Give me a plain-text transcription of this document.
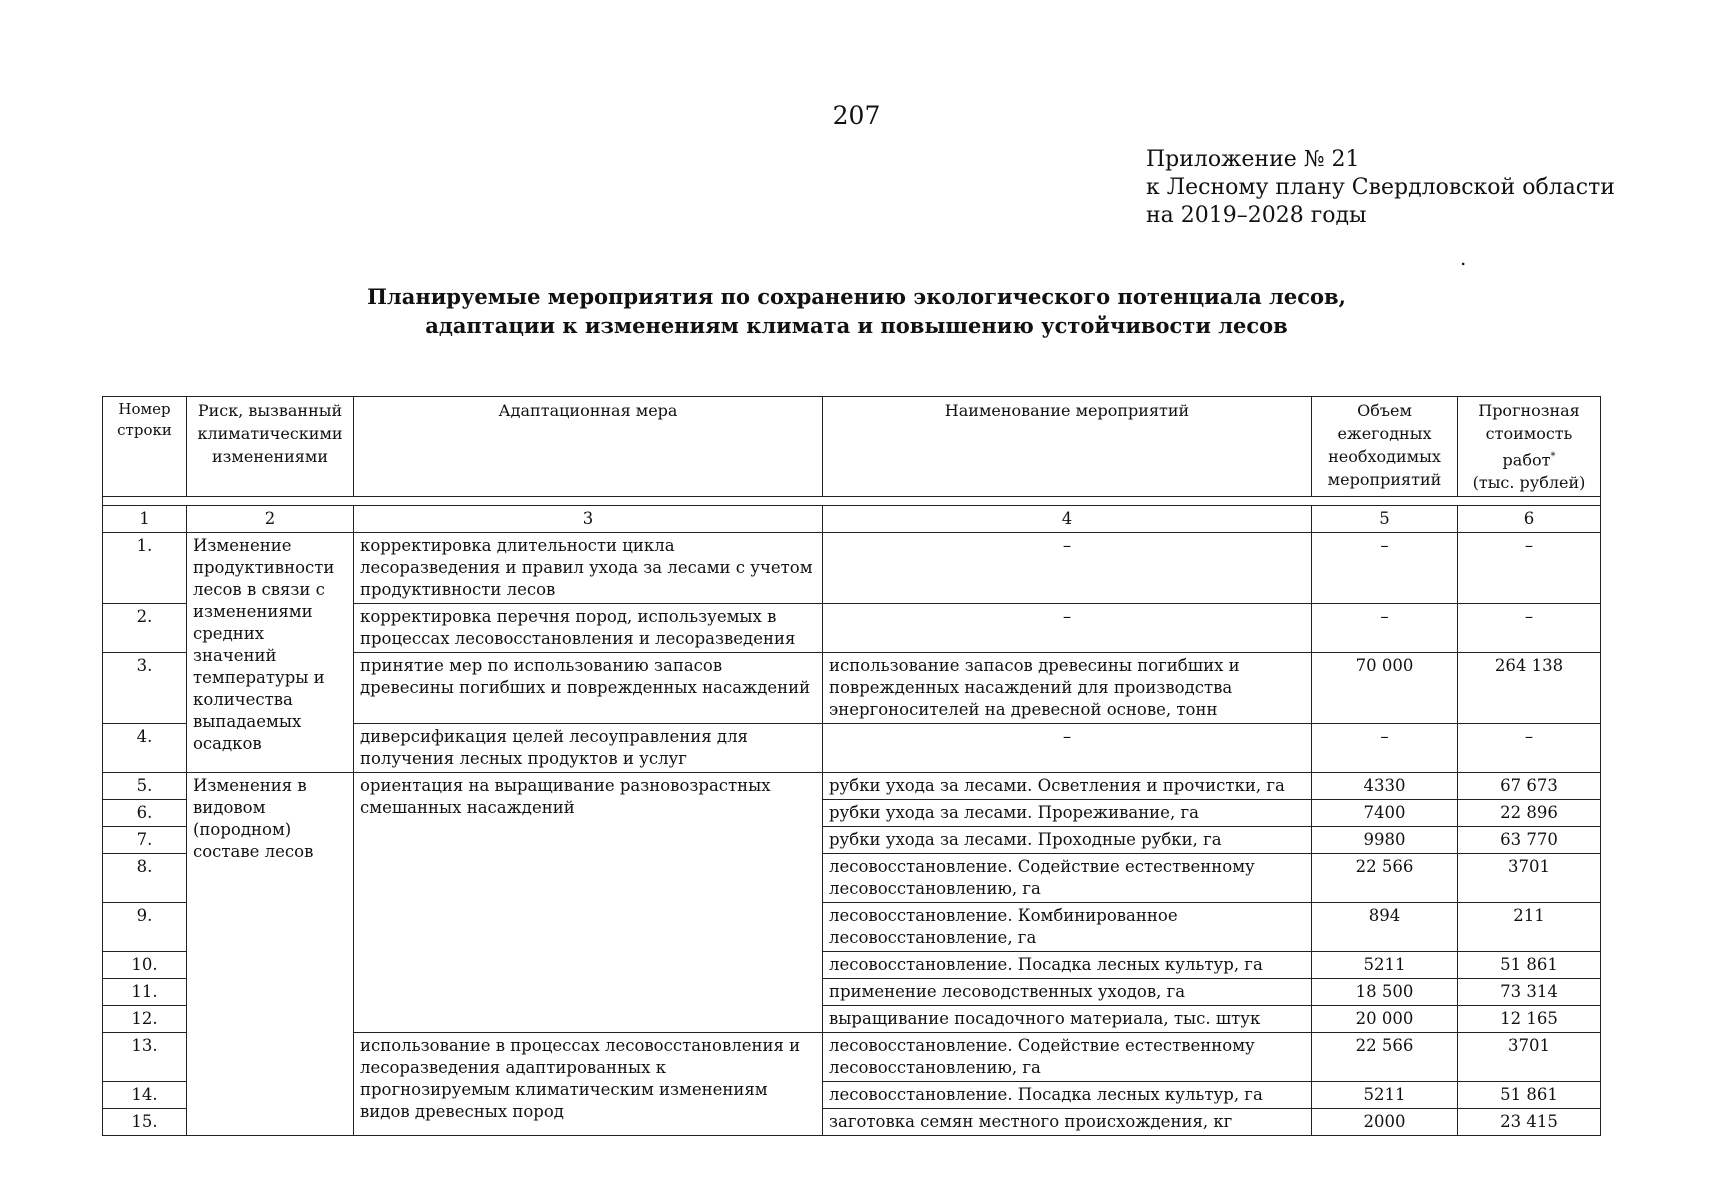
207
Приложение № 21
к Лесному плану Свердловской области
на 2019–2028 годы
.
Планируемые мероприятия по сохранению экологического потенциала лесов,
адаптации к изменениям климата и повышению устойчивости лесов
Номер строки	Риск, вызванный климатическими изменениями	Адаптационная мера	Наименование мероприятий	Объем ежегодных необходимых мероприятий	Прогнозная стоимость работ*
(тыс. рублей)

1	2	3	4	5	6
1.	Изменение продуктивности лесов в связи с изменениями средних значений температуры и количества выпадаемых осадков	корректировка длительности цикла лесоразведения и правил ухода за лесами с учетом продуктивности лесов	–	–	–
2.		корректировка перечня пород, используемых в процессах лесовосстановления и лесоразведения	–	–	–
3.		принятие мер по использованию запасов древесины погибших и поврежденных насаждений	использование запасов древесины погибших и поврежденных насаждений для производства энергоносителей на древесной основе, тонн	70 000	264 138
4.		диверсификация целей лесоуправления для получения лесных продуктов и услуг	–	–	–
5.	Изменения в видовом (породном) составе лесов	ориентация на выращивание разновозрастных смешанных насаждений	рубки ухода за лесами. Осветления и прочистки, га	4330	67 673
6.			рубки ухода за лесами. Прореживание, га	7400	22 896
7.			рубки ухода за лесами. Проходные рубки, га	9980	63 770
8.			лесовосстановление. Содействие естественному лесовосстановлению, га	22 566	3701
9.			лесовосстановление. Комбинированное лесовосстановление, га	894	211
10.			лесовосстановление. Посадка лесных культур, га	5211	51 861
11.			применение лесоводственных уходов, га	18 500	73 314
12.			выращивание посадочного материала, тыс. штук	20 000	12 165
13.		использование в процессах лесовосстановления и лесоразведения адаптированных к прогнозируемым климатическим изменениям видов древесных пород	лесовосстановление. Содействие естественному лесовосстановлению, га	22 566	3701
14.			лесовосстановление. Посадка лесных культур, га	5211	51 861
15.			заготовка семян местного происхождения, кг	2000	23 415
